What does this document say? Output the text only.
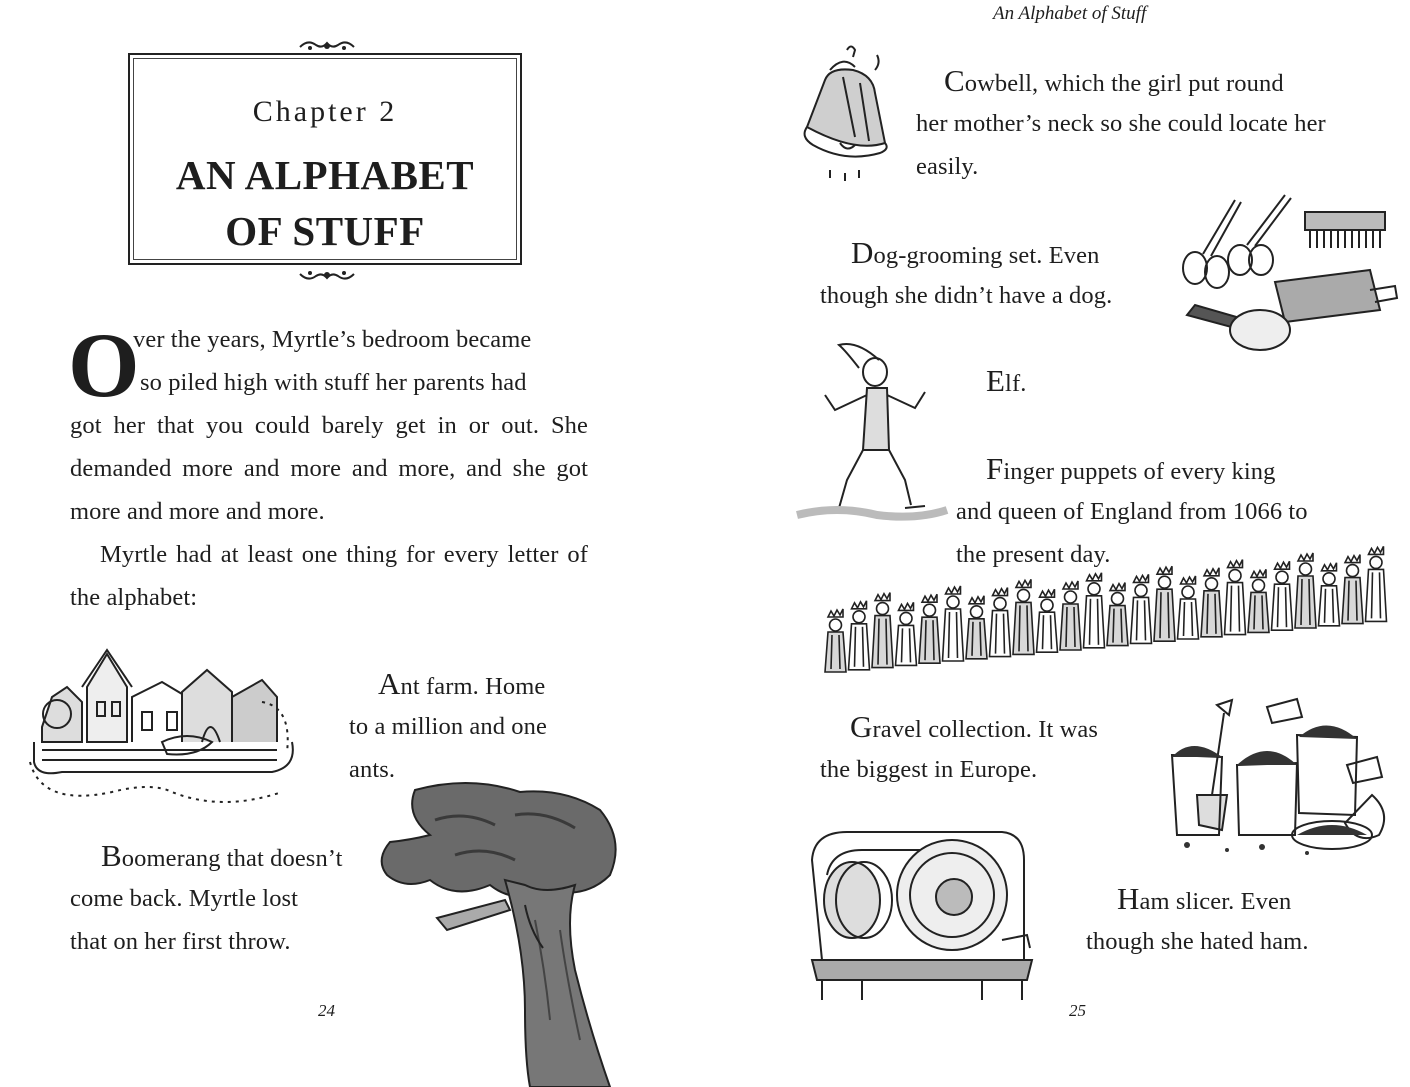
Chapter 2
AN ALPHABET
OF STUFF
O
ver the years, Myrtle’s bedroom became
so piled high with stuff her parents had
got her that you could barely get in or out. She demanded more and more and more, and she got more and more and more.
Myrtle had at least one thing for every letter of the alphabet:
Ant farm. Home
to a million and one ants.
Boomerang that doesn’t
come back. Myrtle lost that on her first throw.
24
An Alphabet of Stuff
Cowbell, which the girl put round
her mother’s neck so she could locate her easily.
Dog-grooming set. Even
though she didn’t have a dog.
Elf.
Finger puppets of every king
and queen of England from 1066 to the present day.
Gravel collection. It was
the biggest in Europe.
Ham slicer. Even
though she hated ham.
25
